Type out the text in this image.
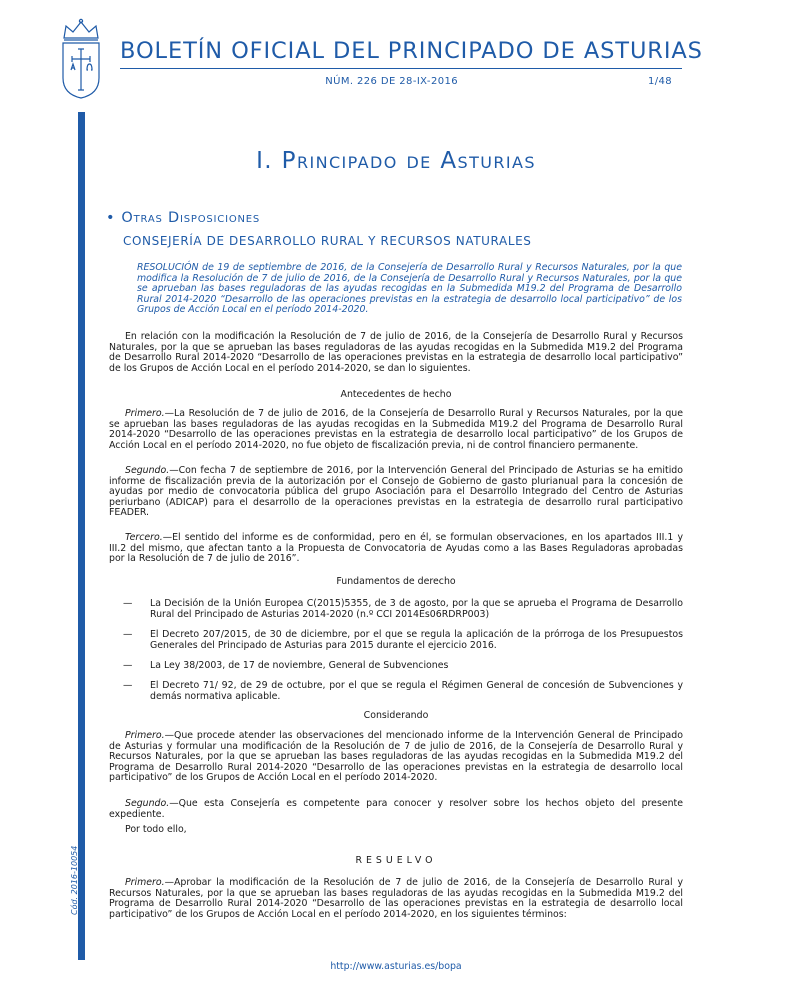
BOLETÍN OFICIAL DEL PRINCIPADO DE ASTURIAS
NÚM. 226 DE 28-IX-2016	1/48
Cód. 2016-10054
I. Principado de Asturias
• Otras Disposiciones
CONSEJERÍA DE DESARROLLO RURAL Y RECURSOS NATURALES
RESOLUCIÓN de 19 de septiembre de 2016, de la Consejería de Desarrollo Rural y Recursos Naturales, por la que modifica la Resolución de 7 de julio de 2016, de la Consejería de Desarrollo Rural y Recursos Naturales, por la que se aprueban las bases reguladoras de las ayudas recogidas en la Submedida M19.2 del Programa de Desarrollo Rural 2014-2020 “Desarrollo de las operaciones previstas en la estrategia de desarrollo local participativo” de los Grupos de Acción Local en el período 2014-2020.

En relación con la modificación la Resolución de 7 de julio de 2016, de la Consejería de Desarrollo Rural y Recursos Naturales, por la que se aprueban las bases reguladoras de las ayudas recogidas en la Submedida M19.2 del Programa de Desarrollo Rural 2014-2020 “Desarrollo de las operaciones previstas en la estrategia de desarrollo local participativo” de los Grupos de Acción Local en el período 2014-2020, se dan lo siguientes.

Antecedentes de hecho

Primero.—La Resolución de 7 de julio de 2016, de la Consejería de Desarrollo Rural y Recursos Naturales, por la que se aprueban las bases reguladoras de las ayudas recogidas en la Submedida M19.2 del Programa de Desarrollo Rural 2014-2020 “Desarrollo de las operaciones previstas en la estrategia de desarrollo local participativo” de los Grupos de Acción Local en el período 2014-2020, no fue objeto de fiscalización previa, ni de control financiero permanente.

Segundo.—Con fecha 7 de septiembre de 2016, por la Intervención General del Principado de Asturias se ha emitido informe de fiscalización previa de la autorización por el Consejo de Gobierno de gasto plurianual para la concesión de ayudas por medio de convocatoria pública del grupo Asociación para el Desarrollo Integrado del Centro de Asturias periurbano (ADICAP) para el desarrollo de la operaciones previstas en la estrategia de desarrollo rural participativo FEADER.

Tercero.—El sentido del informe es de conformidad, pero en él, se formulan observaciones, en los apartados III.1 y III.2 del mismo, que afectan tanto a la Propuesta de Convocatoria de Ayudas como a las Bases Reguladoras aprobadas por la Resolución de 7 de julio de 2016”.

Fundamentos de derecho
— La Decisión de la Unión Europea C(2015)5355, de 3 de agosto, por la que se aprueba el Programa de Desarrollo Rural del Principado de Asturias 2014-2020 (n.º CCI 2014Es06RDRP003)
— El Decreto 207/2015, de 30 de diciembre, por el que se regula la aplicación de la prórroga de los Presupuestos Generales del Principado de Asturias para 2015 durante el ejercicio 2016.
— La Ley 38/2003, de 17 de noviembre, General de Subvenciones
— El Decreto 71/ 92, de 29 de octubre, por el que se regula el Régimen General de concesión de Subvenciones y demás normativa aplicable.
Considerando

Primero.—Que procede atender las observaciones del mencionado informe de la Intervención General de Principado de Asturias y formular una modificación de la Resolución de 7 de julio de 2016, de la Consejería de Desarrollo Rural y Recursos Naturales, por la que se aprueban las bases reguladoras de las ayudas recogidas en la Submedida M19.2 del Programa de Desarrollo Rural 2014-2020 “Desarrollo de las operaciones previstas en la estrategia de desarrollo local participativo” de los Grupos de Acción Local en el período 2014-2020.

Segundo.—Que esta Consejería es competente para conocer y resolver sobre los hechos objeto del presente expediente.

Por todo ello,

RESUELVO

Primero.—Aprobar la modificación de la Resolución de 7 de julio de 2016, de la Consejería de Desarrollo Rural y Recursos Naturales, por la que se aprueban las bases reguladoras de las ayudas recogidas en la Submedida M19.2 del Programa de Desarrollo Rural 2014-2020 “Desarrollo de las operaciones previstas en la estrategia de desarrollo local participativo” de los Grupos de Acción Local en el período 2014-2020, en los siguientes términos:

http://www.asturias.es/bopa
